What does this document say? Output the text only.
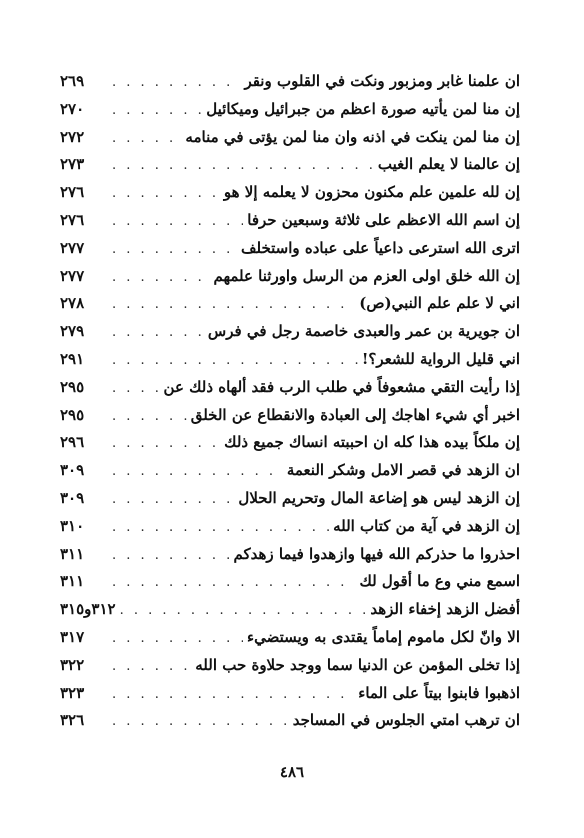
ان علمنا غابر ومزبور ونكت في القلوب ونقر
. . .
٢٦٩
إن منا لمن يأتيه صورة اعظم من جبرائيل وميكائيل
. . .
٢٧٠
إن منا لمن ينكت في اذنه وان منا لمن يؤتى في منامه
. . .
٢٧٢
إن عالمنا لا يعلم الغيب
. . .
٢٧٣
إن لله علمين علم مكنون محزون لا يعلمه إلا هو
. . .
٢٧٦
إن اسم الله الاعظم على ثلاثة وسبعين حرفا
. . .
٢٧٦
اترى الله استرعى داعياً على عباده واستخلف
. . .
٢٧٧
إن الله خلق اولى العزم من الرسل واورثنا علمهم
. . .
٢٧٧
اني لا علم علم النبي(ص)
. . .
٢٧٨
ان جويرية بن عمر والعبدى خاصمة رجل في فرس
. . .
٢٧٩
اني قليل الرواية للشعر؟!
. . .
٢٩١
إذا رأيت التقي مشعوفاً في طلب الرب فقد ألهاه ذلك عن
. . .
٢٩٥
اخبر أي شيء اهاجك إلى العبادة والانقطاع عن الخلق
. . .
٢٩٥
إن ملكاً بيده هذا كله ان احببته انساك جميع ذلك
. . .
٢٩٦
ان الزهد في قصر الامل وشكر النعمة
. . .
٣٠٩
إن الزهد ليس هو إضاعة المال وتحريم الحلال
. . .
٣٠٩
إن الزهد في آية من كتاب الله
. . .
٣١٠
احذروا ما حذركم الله فيها وازهدوا فيما زهدكم
. . .
٣١١
اسمع مني وع ما أقول لك
. . .
٣١١
أفضل الزهد إخفاء الزهد
. . .
٣١٢و٣١٥
الا وانّ لكل ماموم إماماً يقتدى به ويستضيء
. . .
٣١٧
إذا تخلى المؤمن عن الدنيا سما ووجد حلاوة حب الله
. . .
٣٢٢
اذهبوا فابنوا بيتاً على الماء
. . .
٣٢٣
ان ترهب امتي الجلوس في المساجد
. . .
٣٢٦
٤٨٦
